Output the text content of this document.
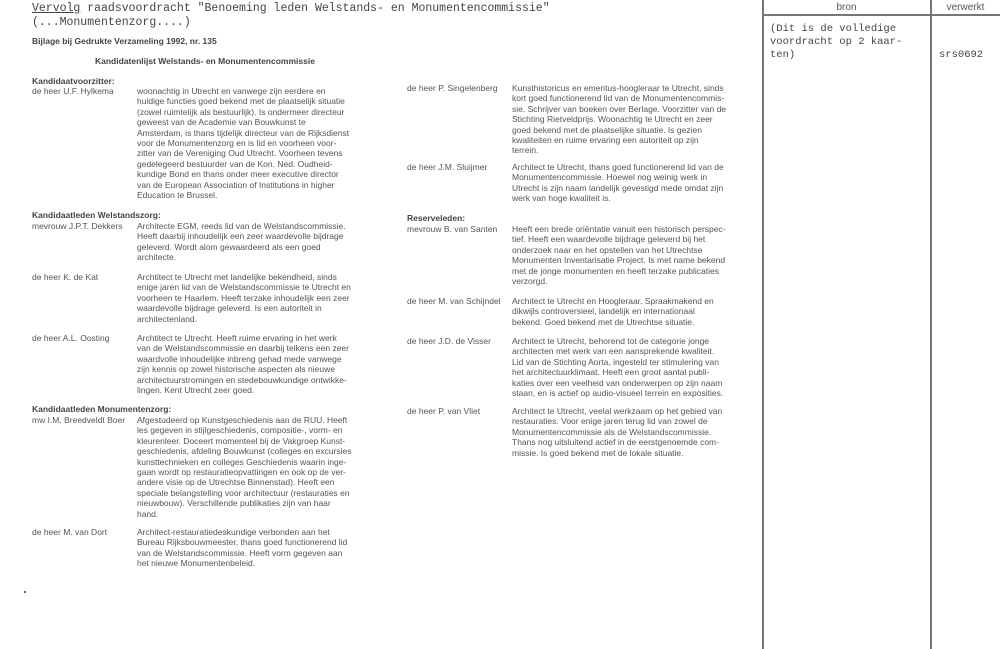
Vervolg raadsvoordracht "Benoeming leden Welstands- en Monumentencommissie"
(...Monumentenzorg....)
Bijlage bij Gedrukte Verzameling 1992, nr. 135
Kandidatenlijst Welstands- en Monumentencommissie
Kandidaatvoorzitter:
de heer U.F. Hylkema	woonachtig in Utrecht en vanwege zijn eerdere en
huidige functies goed bekend met de plaatselijk situatie
(zowel ruimtelijk als bestuurlijk). Is ondermeer directeur
geweest van de Academie van Bouwkunst te
Amsterdam, is thans tijdelijk directeur van de Rijksdienst
voor de Monumentenzorg en is lid en voorheen voor-
zitter van de Vereniging Oud Utrecht. Voorheen tevens
gedelegeerd bestuurder van de Kon. Ned. Oudheid-
kundige Bond en thans onder meer executive director
van de European Association of Institutions in higher
Education te Brussel.
Kandidaatleden Welstandszorg:
mevrouw J.P.T. Dekkers	Architecte EGM, reeds lid van de Welstandscommissie.
Heeft daarbij inhoudelijk een zeer waardevolle bijdrage
geleverd. Wordt alom gewaardeerd als een goed
architecte.
de heer K. de Kat	Archtitect te Utrecht met landelijke bekendheid, sinds
enige jaren lid van de Welstandscommissie te Utrecht en
voorheen te Haarlem. Heeft terzake inhoudelijk een zeer
waardevolle bijdrage geleverd. Is een autoriteit in
architectenland.
de heer A.L. Oosting	Archtitect te Utrecht. Heeft ruime ervaring in het werk
van de Welstandscommissie en daarbij telkens een zeer
waardvolle inhoudelijke inbreng gehad mede vanwege
zijn kennis op zowel historische aspecten als nieuwe
architectuurstromingen en stedebouwkundige ontwikke-
lingen. Kent Utrecht zeer goed.
Kandidaatleden Monumentenzorg:
mw I.M. Breedveldt Boer	Afgestudeerd op Kunstgeschiedenis aan de RUU. Heeft
les gegeven in stijlgeschiedenis, compositie-, vorm- en
kleurenleer. Doceert momenteel bij de Vakgroep Kunst-
geschiedenis, afdeling Bouwkunst (colleges en excursies
kunsttechnieken en colleges Geschiedenis waarin inge-
gaan wordt op restauratieopvattingen en ook op de ver-
andere visie op de Utrechtse Binnenstad). Heeft een
speciale belangstelling voor architectuur (restauraties en
nieuwbouw). Verschillende publikaties zijn van haar
hand.
de heer M. van Dort	Architect-restauratiedeskundige verbonden aan het
Bureau Rijksbouwmeester, thans goed functionerend lid
van de Welstandscommissie. Heeft vorm gegeven aan
het nieuwe Monumentenbeleid.
de heer P. Singelenberg	Kunsthistoricus en emeritus-hoogleraar te Utrecht, sinds
kort goed functionerend lid van de Monumentencommis-
sie. Schrijver van boeken over Berlage. Voorzitter van de
Stichting Rietveldprijs. Woonachtig te Utrecht en zeer
goed bekend met de plaatselijke situatie. Is gezien
kwaliteiten en ruime ervaring een autoriteit op zijn
terrein.
de heer J.M. Sluijmer	Architect te Utrecht, thans goed functionerend lid van de
Monumentencommissie. Hoewel nog weinig werk in
Utrecht is zijn naam landelijk gevestigd mede omdat zijn
werk van hoge kwaliteit is.
Reserveleden:
mevrouw B. van Santen	Heeft een brede oriëntatie vanuit een historisch perspec-
tief. Heeft een waardevolle bijdrage geleverd bij het
onderzoek naar en het opstellen van het Utrechtse
Monumenten Inventarisatie Project. Is met name bekend
met de jonge monumenten en heeft terzake publicaties
verzorgd.
de heer M. van Schijndel	Architect te Utrecht en Hoogleraar. Spraakmakend en
dikwijls controversieel, landelijk en internationaal
bekend. Goed bekend met de Utrechtse situatie.
de heer J.D. de Visser	Architect te Utrecht, behorend tot de categorie jonge
architecten met werk van een aansprekende kwaliteit.
Lid van de Stichting Aorta, ingesteld ter stimulering van
het architectuurklimaat. Heeft een groot aantal publi-
katies over een veelheid van onderwerpen op zijn naam
staan, en is actief op audio-visueel terrein en exposities.
de heer P. van Vliet	Architect te Utrecht, veelal werkzaam op het gebied van
restauraties. Voor enige jaren terug lid van zowel de
Monumentencommissie als de Welstandscommissie.
Thans nog uitsluitend actief in de eerstgenoemde com-
missie. Is goed bekend met de lokale situatie.
bron	verwerkt
(Dit is de volledige
voordracht op 2 kaar-
ten)	srs0692
